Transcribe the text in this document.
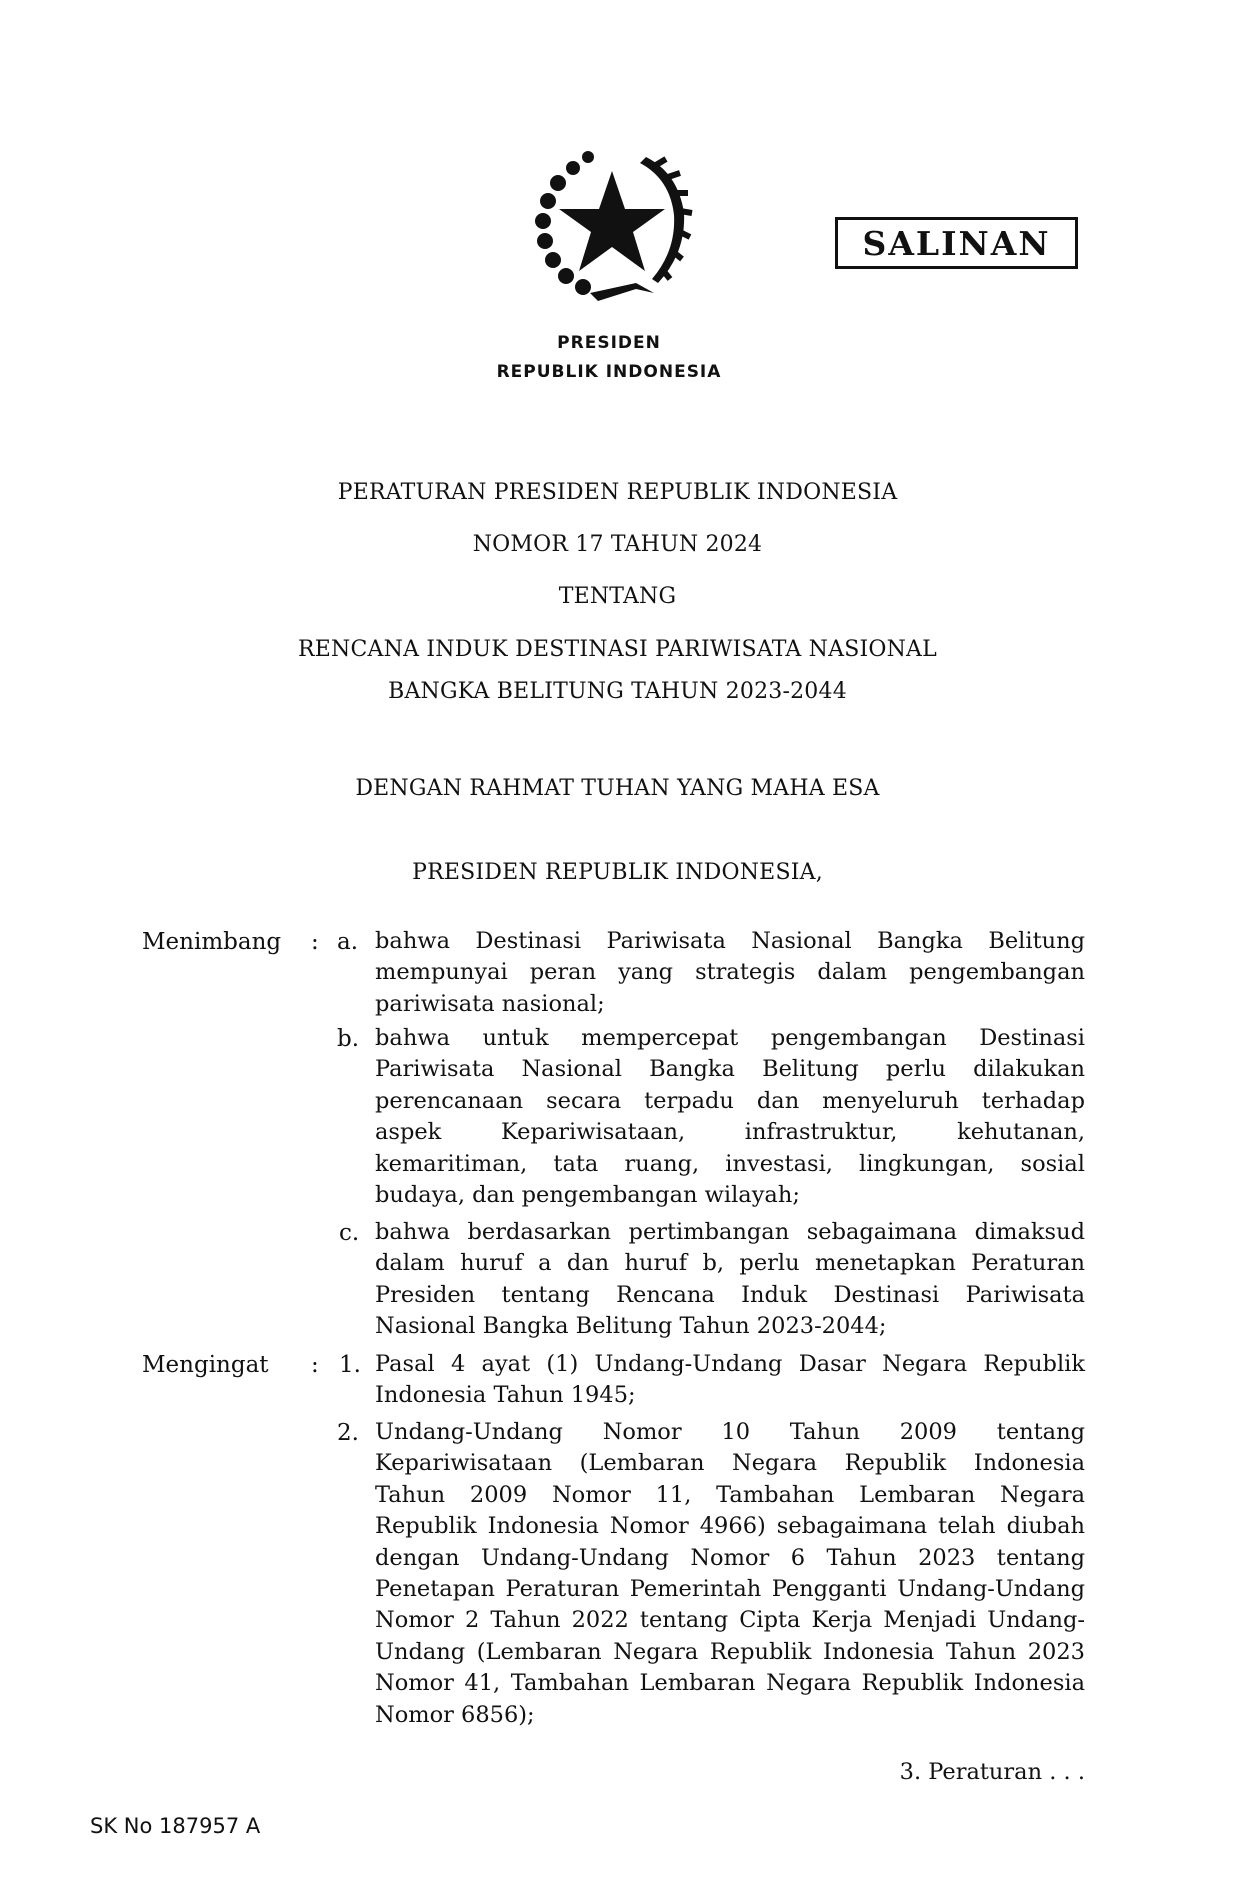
SALINAN
PRESIDEN
REPUBLIK INDONESIA
PERATURAN PRESIDEN REPUBLIK INDONESIA
NOMOR 17 TAHUN 2024
TENTANG
RENCANA INDUK DESTINASI PARIWISATA NASIONAL
BANGKA BELITUNG TAHUN 2023-2044
DENGAN RAHMAT TUHAN YANG MAHA ESA
PRESIDEN REPUBLIK INDONESIA,
Menimbang : a. bahwa Destinasi Pariwisata Nasional Bangka Belitung
mempunyai peran yang strategis dalam pengembangan
pariwisata nasional;
b. bahwa untuk mempercepat pengembangan Destinasi
Pariwisata Nasional Bangka Belitung perlu dilakukan
perencanaan secara terpadu dan menyeluruh terhadap
aspek Kepariwisataan, infrastruktur, kehutanan,
kemaritiman, tata ruang, investasi, lingkungan, sosial
budaya, dan pengembangan wilayah;
c. bahwa berdasarkan pertimbangan sebagaimana dimaksud
dalam huruf a dan huruf b, perlu menetapkan Peraturan
Presiden tentang Rencana Induk Destinasi Pariwisata
Nasional Bangka Belitung Tahun 2023-2044;
Mengingat : 1. Pasal 4 ayat (1) Undang-Undang Dasar Negara Republik
Indonesia Tahun 1945;
2. Undang-Undang Nomor 10 Tahun 2009 tentang
Kepariwisataan (Lembaran Negara Republik Indonesia
Tahun 2009 Nomor 11, Tambahan Lembaran Negara
Republik Indonesia Nomor 4966) sebagaimana telah diubah
dengan Undang-Undang Nomor 6 Tahun 2023 tentang
Penetapan Peraturan Pemerintah Pengganti Undang-Undang
Nomor 2 Tahun 2022 tentang Cipta Kerja Menjadi Undang-
Undang (Lembaran Negara Republik Indonesia Tahun 2023
Nomor 41, Tambahan Lembaran Negara Republik Indonesia
Nomor 6856);
3. Peraturan . . .
SK No 187957 A
